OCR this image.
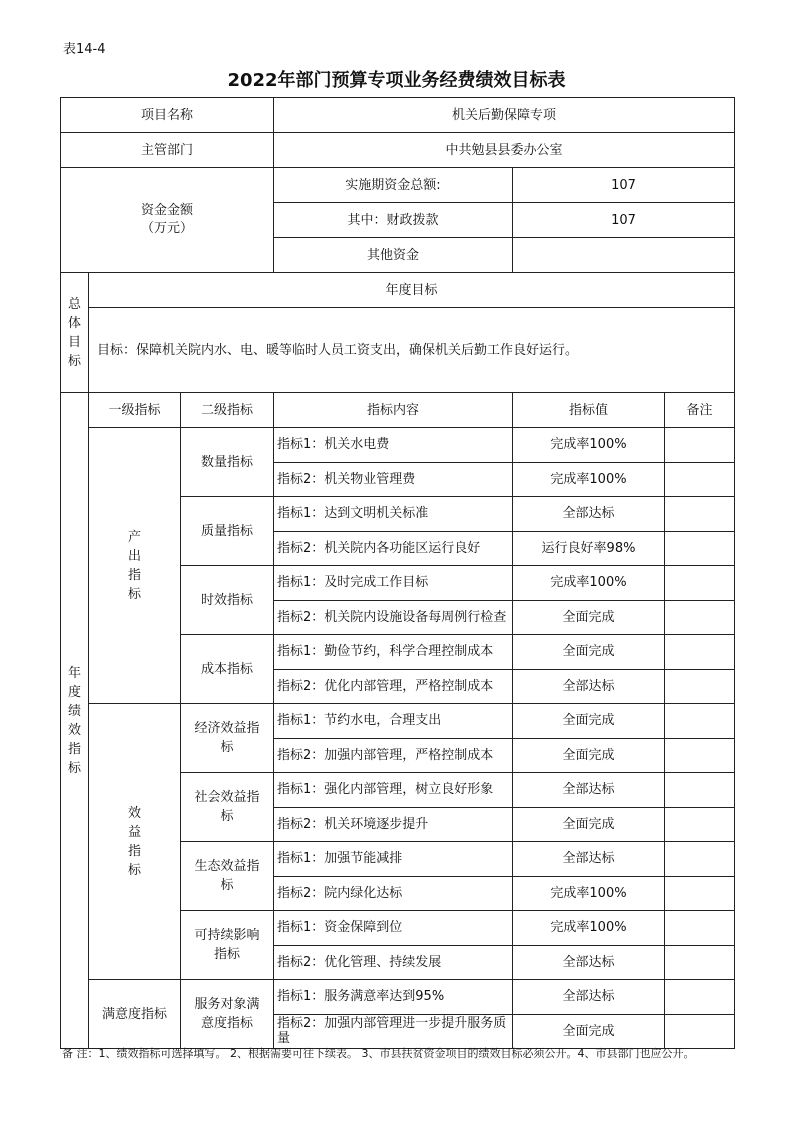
表14-4
2022年部门预算专项业务经费绩效目标表
项目名称			机关后勤保障专项		
主管部门			中共勉县县委办公室		
资金金额
（万元）			实施期资金总额:	107	
			其中：财政拨款	107	
			其他资金		
总体目标	年度目标				
	目标：保障机关院内水、电、暖等临时人员工资支出，确保机关后勤工作良好运行。				
年度绩效指标	一级指标	二级指标	指标内容	指标值	备注
	产出指标	数量指标	指标1：机关水电费	完成率100%	
			指标2：机关物业管理费	完成率100%	
		质量指标	指标1：达到文明机关标准	全部达标	
			指标2：机关院内各功能区运行良好	运行良好率98%	
		时效指标	指标1：及时完成工作目标	完成率100%	
			指标2：机关院内设施设备每周例行检查	全面完成	
		成本指标	指标1：勤俭节约，科学合理控制成本	全面完成	
			指标2：优化内部管理，严格控制成本	全部达标	
	效益指标	经济效益指标	指标1：节约水电，合理支出	全面完成	
			指标2：加强内部管理，严格控制成本	全面完成	
		社会效益指标	指标1：强化内部管理，树立良好形象	全部达标	
			指标2：机关环境逐步提升	全面完成	
		生态效益指标	指标1：加强节能减排	全部达标	
			指标2：院内绿化达标	完成率100%	
		可持续影响指标	指标1：资金保障到位	完成率100%	
			指标2：优化管理、持续发展	全部达标	
	满意度指标	服务对象满意度指标	指标1：服务满意率达到95%	全部达标	
			指标2：加强内部管理进一步提升服务质量	全面完成	
备 注：1、绩效指标可选择填写。 2、根据需要可往下续表。 3、市县扶贫资金项目的绩效目标必须公开。4、市县部门也应公开。
